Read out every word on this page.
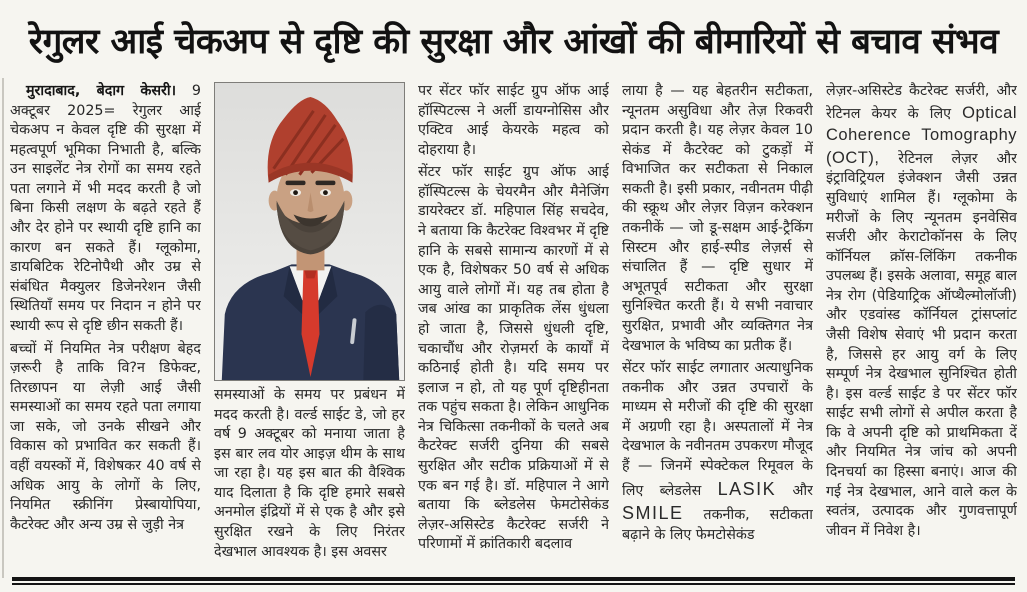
रेगुलर आई चेकअप से दृष्टि की सुरक्षा और आंखों की बीमारियों से बचाव संभव

मुरादाबाद, बेदाग केसरी। 9 अक्टूबर 2025= रेगुलर आई चेकअप न केवल दृष्टि की सुरक्षा में महत्वपूर्ण भूमिका निभाती है, बल्कि उन साइलेंट नेत्र रोगों का समय रहते पता लगाने में भी मदद करती है जो बिना किसी लक्षण के बढ़ते रहते हैं और देर होने पर स्थायी दृष्टि हानि का कारण बन सकते हैं। ग्लूकोमा, डायबिटिक रेटिनोपैथी और उम्र से संबंधित मैक्युलर डिजेनरेशन जैसी स्थितियाँ समय पर निदान न होने पर स्थायी रूप से दृष्टि छीन सकती हैं।

बच्चों में नियमित नेत्र परीक्षण बेहद ज़रूरी है ताकि वि?न डिफेक्ट, तिरछापन या लेज़ी आई जैसी समस्याओं का समय रहते पता लगाया जा सके, जो उनके सीखने और विकास को प्रभावित कर सकती हैं। वहीं वयस्कों में, विशेषकर 40 वर्ष से अधिक आयु के लोगों के लिए, नियमित स्क्रीनिंग प्रेस्बायोपिया, कैटरेक्ट और अन्य उम्र से जुड़ी नेत्र

समस्याओं के समय पर प्रबंधन में मदद करती है। वर्ल्ड साईट डे, जो हर वर्ष 9 अक्टूबर को मनाया जाता है इस बार लव योर आइज़ थीम के साथ जा रहा है। यह इस बात की वैश्विक याद दिलाता है कि दृष्टि हमारे सबसे अनमोल इंद्रियों में से एक है और इसे सुरक्षित रखने के लिए निरंतर देखभाल आवश्यक है। इस अवसर

पर सेंटर फॉर साईट ग्रुप ऑफ आई हॉस्पिटल्स ने अर्ली डायग्नोसिस और एक्टिव आई केयरके महत्व को दोहराया है।

सेंटर फॉर साईट ग्रुप ऑफ आई हॉस्पिटल्स के चेयरमैन और मैनेजिंग डायरेक्टर डॉ. महिपाल सिंह सचदेव, ने बताया कि कैटरेक्ट विश्वभर में दृष्टि हानि के सबसे सामान्य कारणों में से एक है, विशेषकर 50 वर्ष से अधिक आयु वाले लोगों में। यह तब होता है जब आंख का प्राकृतिक लेंस धुंधला हो जाता है, जिससे धुंधली दृष्टि, चकाचौंध और रोज़मर्रा के कार्यों में कठिनाई होती है। यदि समय पर इलाज न हो, तो यह पूर्ण दृष्टिहीनता तक पहुंच सकता है। लेकिन आधुनिक नेत्र चिकित्सा तकनीकों के चलते अब कैटरेक्ट सर्जरी दुनिया की सबसे सुरक्षित और सटीक प्रक्रियाओं में से एक बन गई है। डॉ. महिपाल ने आगे बताया कि ब्लेडलेस फेमटोसेकंड लेज़र-असिस्टेड कैटरेक्ट सर्जरी ने परिणामों में क्रांतिकारी बदलाव

लाया है — यह बेहतरीन सटीकता, न्यूनतम असुविधा और तेज़ रिकवरी प्रदान करती है। यह लेज़र केवल 10 सेकंड में कैटरेक्ट को टुकड़ों में विभाजित कर सटीकता से निकाल सकती है। इसी प्रकार, नवीनतम पीढ़ी की स्क्रूथ और लेज़र विज़न करेक्शन तकनीकें — जो डू-सक्षम आई-ट्रैकिंग सिस्टम और हाई-स्पीड लेज़र्स से संचालित हैं — दृष्टि सुधार में अभूतपूर्व सटीकता और सुरक्षा सुनिश्चित करती हैं। ये सभी नवाचार सुरक्षित, प्रभावी और व्यक्तिगत नेत्र देखभाल के भविष्य का प्रतीक हैं।

सेंटर फॉर साईट लगातार अत्याधुनिक तकनीक और उन्नत उपचारों के माध्यम से मरीजों की दृष्टि की सुरक्षा में अग्रणी रहा है। अस्पतालों में नेत्र देखभाल के नवीनतम उपकरण मौजूद हैं — जिनमें स्पेक्टेकल रिमूवल के लिए ब्लेडलेस LASIK और SMILE तकनीक, सटीकता बढ़ाने के लिए फेमटोसेकंड

लेज़र-असिस्टेड कैटरेक्ट सर्जरी, और रेटिनल केयर के लिए Optical Coherence Tomography (OCT), रेटिनल लेज़र और इंट्राविट्रियल इंजेक्शन जैसी उन्नत सुविधाएं शामिल हैं। ग्लूकोमा के मरीजों के लिए न्यूनतम इनवेसिव सर्जरी और केराटोकॉनस के लिए कॉर्नियल क्रॉस-लिंकिंग तकनीक उपलब्ध हैं। इसके अलावा, समूह बाल नेत्र रोग (पेडियाट्रिक ऑप्थैल्मोलॉजी) और एडवांस्ड कॉर्नियल ट्रांसप्लांट जैसी विशेष सेवाएं भी प्रदान करता है, जिससे हर आयु वर्ग के लिए सम्पूर्ण नेत्र देखभाल सुनिश्चित होती है। इस वर्ल्ड साईट डे पर सेंटर फॉर साईट सभी लोगों से अपील करता है कि वे अपनी दृष्टि को प्राथमिकता दें और नियमित नेत्र जांच को अपनी दिनचर्या का हिस्सा बनाएं। आज की गई नेत्र देखभाल, आने वाले कल के स्वतंत्र, उत्पादक और गुणवत्तापूर्ण जीवन में निवेश है।
